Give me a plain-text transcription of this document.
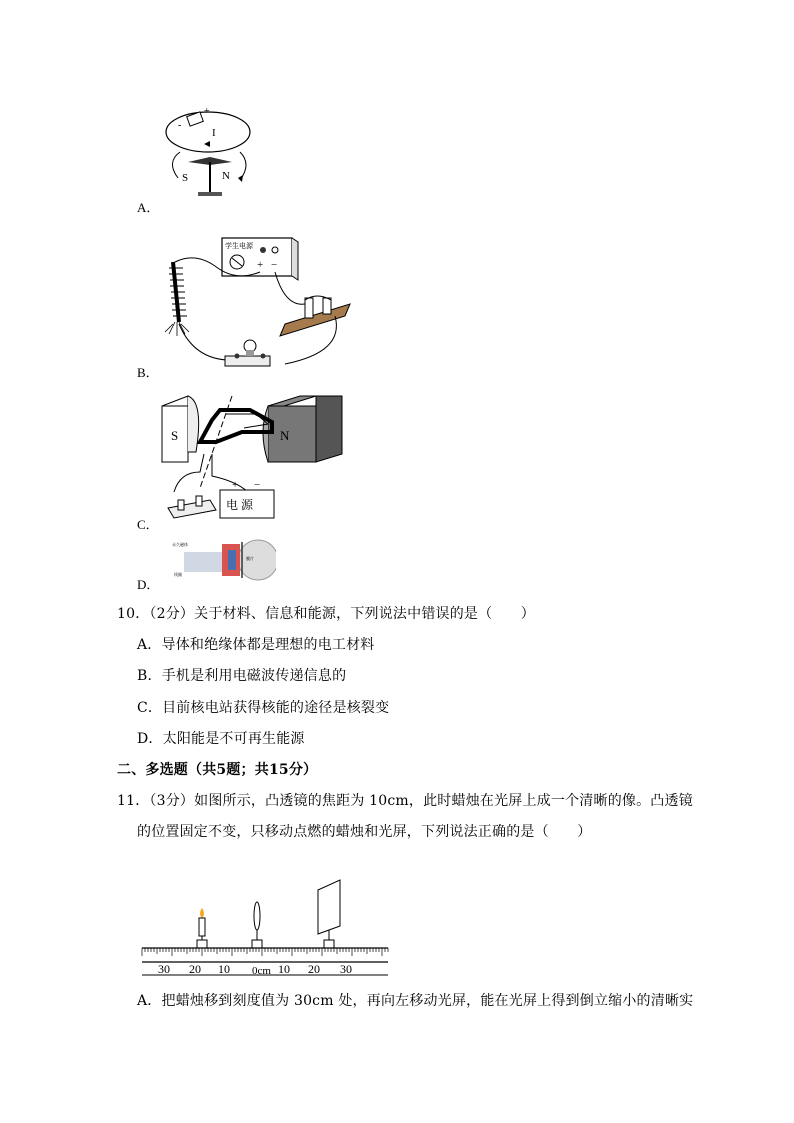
-
+
I
S	N
A．
学生电源
+ −
B．
S	N
电 源
+ −
C．
永久磁体
线圈
膜片
D．
10．（2分）关于材料、信息和能源，下列说法中错误的是（　　）
A．导体和绝缘体都是理想的电工材料
B．手机是利用电磁波传递信息的
C．目前核电站获得核能的途径是核裂变
D．太阳能是不可再生能源
二、多选题（共5题；共15分）
11．（3分）如图所示，凸透镜的焦距为 10cm，此时蜡烛在光屏上成一个清晰的像。凸透镜
的位置固定不变，只移动点燃的蜡烛和光屏，下列说法正确的是（　　）
30 20 10 0cm 10 20 30
A．把蜡烛移到刻度值为 30cm 处，再向左移动光屏，能在光屏上得到倒立缩小的清晰实
